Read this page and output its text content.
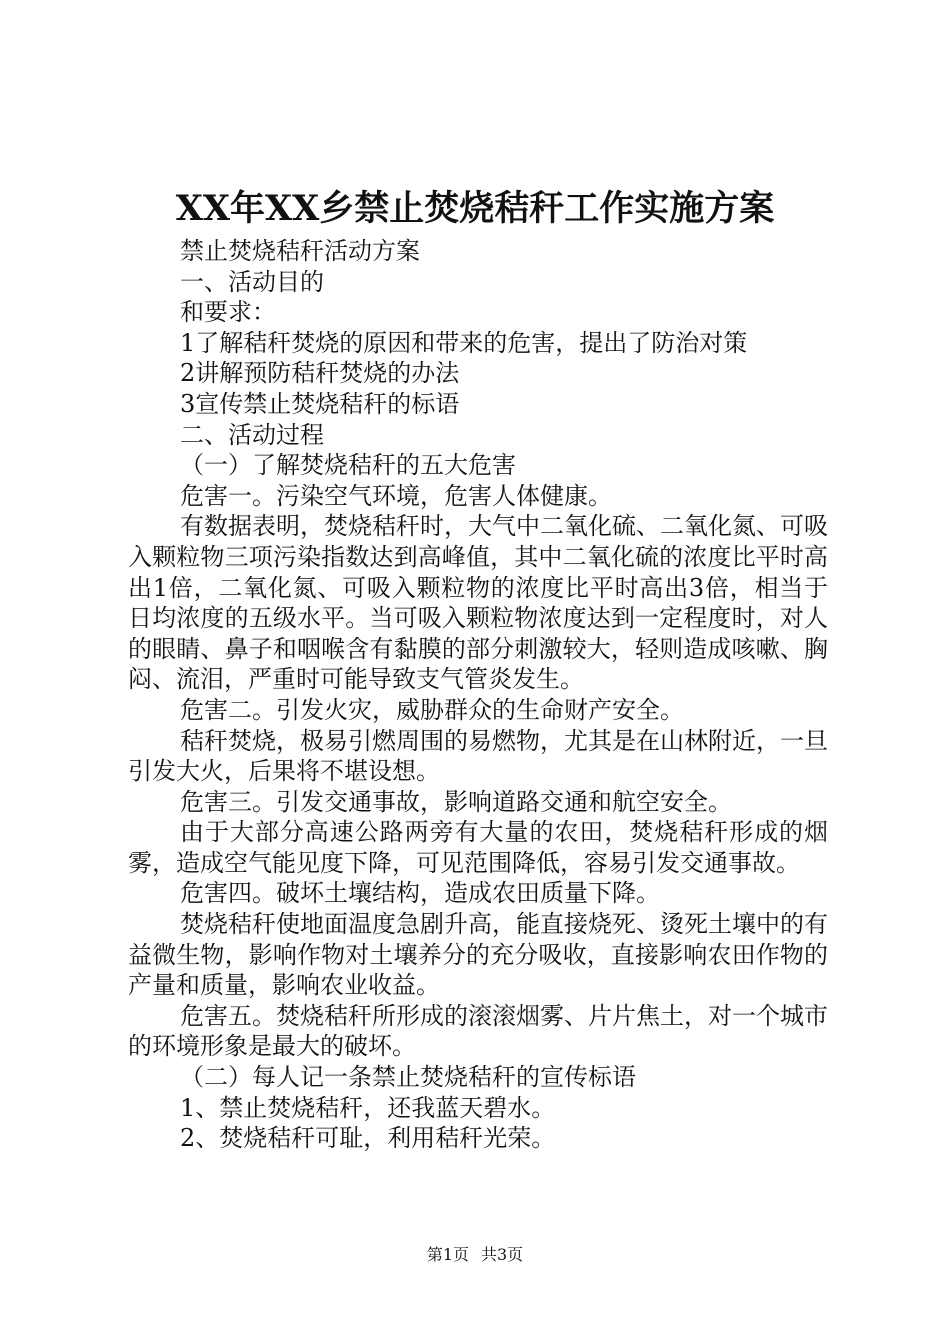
XX年XX乡禁止焚烧秸秆工作实施方案

禁止焚烧秸秆活动方案

一、活动目的

和要求：

1了解秸秆焚烧的原因和带来的危害，提出了防治对策

2讲解预防秸秆焚烧的办法

3宣传禁止焚烧秸秆的标语

二、活动过程

（一）了解焚烧秸秆的五大危害

危害一。污染空气环境，危害人体健康。

有数据表明，焚烧秸秆时，大气中二氧化硫、二氧化氮、可吸入颗粒物三项污染指数达到高峰值，其中二氧化硫的浓度比平时高出1倍，二氧化氮、可吸入颗粒物的浓度比平时高出3倍，相当于日均浓度的五级水平。当可吸入颗粒物浓度达到一定程度时，对人的眼睛、鼻子和咽喉含有黏膜的部分刺激较大，轻则造成咳嗽、胸闷、流泪，严重时可能导致支气管炎发生。

危害二。引发火灾，威胁群众的生命财产安全。

秸秆焚烧，极易引燃周围的易燃物，尤其是在山林附近，一旦引发大火，后果将不堪设想。

危害三。引发交通事故，影响道路交通和航空安全。

由于大部分高速公路两旁有大量的农田，焚烧秸秆形成的烟雾，造成空气能见度下降，可见范围降低，容易引发交通事故。

危害四。破坏土壤结构，造成农田质量下降。

焚烧秸秆使地面温度急剧升高，能直接烧死、烫死土壤中的有益微生物，影响作物对土壤养分的充分吸收，直接影响农田作物的产量和质量，影响农业收益。

危害五。焚烧秸秆所形成的滚滚烟雾、片片焦土，对一个城市的环境形象是最大的破坏。

（二）每人记一条禁止焚烧秸秆的宣传标语

1、禁止焚烧秸秆，还我蓝天碧水。

2、焚烧秸秆可耻，利用秸秆光荣。

第1页 共3页
